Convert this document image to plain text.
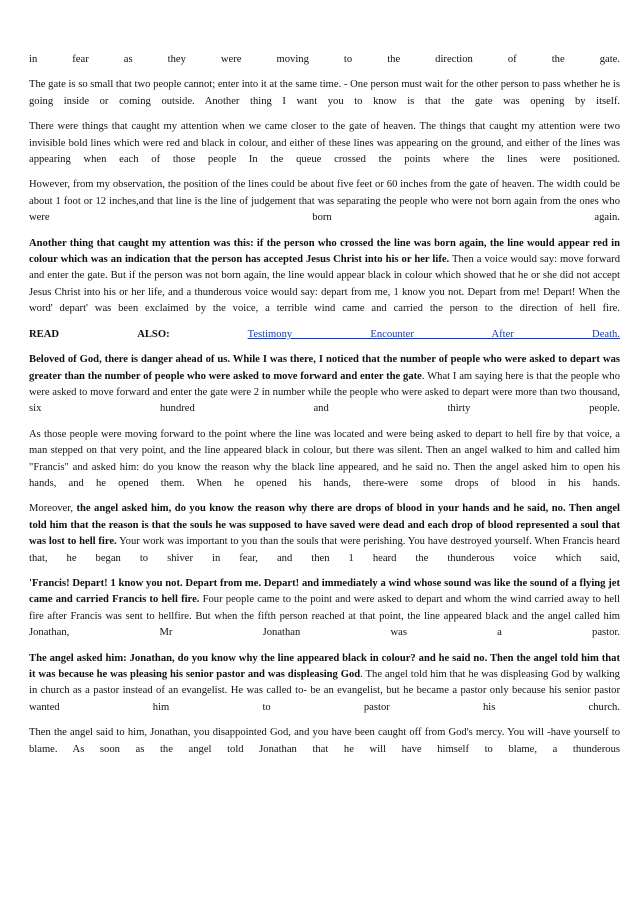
in fear as they were moving to the direction of the gate.

The gate is so small that two people cannot; enter into it at the same time. - One person must wait for the other person to pass whether he is going inside or coming outside. Another thing I want you to know is that the gate was opening by itself.

There were things that caught my attention when we came closer to the gate of heaven. The things that caught my attention were two invisible bold lines which were red and black in colour, and either of these lines was appearing on the ground, and either of the lines was appearing when each of those people In the queue crossed the points where the lines were positioned.

However, from my observation, the position of the lines could be about five feet or 60 inches from the gate of heaven. The width could be about 1 foot or 12 inches,and that line is the line of judgement that was separating the people who were not born again from the ones who were born again.

Another thing that caught my attention was this: if the person who crossed the line was born again, the line would appear red in colour which was an indication that the person has accepted Jesus Christ into his or her life. Then a voice would say: move forward and enter the gate. But if the person was not born again, the line would appear black in colour which showed that he or she did not accept Jesus Christ into his or her life, and a thunderous voice would say: depart from me, 1 know you not. Depart from me! Depart! When the word' depart' was been exclaimed by the voice, a terrible wind came and carried the person to the direction of hell fire.

READ	ALSO:	Testimony Encounter After Death.

Beloved of God, there is danger ahead of us. While I was there, I noticed that the number of people who were asked to depart was greater than the number of people who were asked to move forward and enter the gate. What I am saying here is that the people who were asked to move forward and enter the gate were 2 in number while the people who were asked to depart were more than two thousand, six hundred and thirty people.

As those people were moving forward to the point where the line was located and were being asked to depart to hell fire by that voice, a man stepped on that very point, and the line appeared black in colour, but there was silent. Then an angel walked to him and called him "Francis" and asked him: do you know the reason why the black line appeared, and he said no. Then the angel asked him to open his hands, and he opened them. When he opened his hands, there-were some drops of blood in his hands.

Moreover, the angel asked him, do you know the reason why there are drops of blood in your hands and he said, no. Then angel told him that the reason is that the souls he was supposed to have saved were dead and each drop of blood represented a soul that was lost to hell fire. Your work was important to you than the souls that were perishing. You have destroyed yourself. When Francis heard that, he began to shiver in fear, and then 1 heard the thunderous voice which said,

'Francis! Depart! 1 know you not. Depart from me. Depart! and immediately a wind whose sound was like the sound of a flying jet came and carried Francis to hell fire. Four people came to the point and were asked to depart and whom the wind carried away to hell fire after Francis was sent to hellfire. But when the fifth person reached at that point, the line appeared black and the angel called him Jonathan, Mr Jonathan was a pastor.

The angel asked him: Jonathan, do you know why the line appeared black in colour? and he said no. Then the angel told him that it was because he was pleasing his senior pastor and was displeasing God. The angel told him that he was displeasing God by walking in church as a pastor instead of an evangelist. He was called to- be an evangelist, but he became a pastor only because his senior pastor wanted him to pastor his church.

Then the angel said to him, Jonathan, you disappointed God, and you have been caught off from God's mercy. You will -have yourself to blame. As soon as the angel told Jonathan that he will have himself to blame, a thunderous
